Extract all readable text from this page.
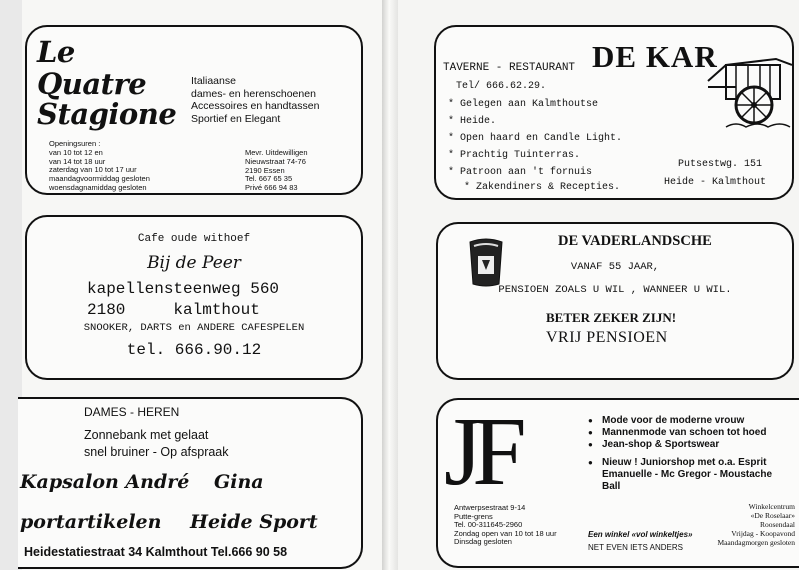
Le
Quatre
Stagione
Italiaanse
dames- en herenschoenen
Accessoires en handtassen
Sportief en Elegant
Openingsuren :
van 10 tot 12 en
van 14 tot 18 uur
zaterdag van 10 tot 17 uur
maandagvoormiddag gesloten
woensdagnamiddag gesloten
Mevr. Uitdewilligen
Nieuwstraat 74-76
2190 Essen
Tel. 667 65 35
Privé 666 94 83
Cafe oude withoef
Bij de Peer
kapellensteenweg 560
2180     kalmthout
SNOOKER, DARTS en ANDERE CAFESPELEN
tel. 666.90.12
DAMES - HEREN
Zonnebank met gelaat
snel bruiner - Op afspraak
Kapsalon André Gina
portartikelen Heide Sport
Heidestatiestraat 34 Kalmthout Tel.666 90 58
TAVERNE - RESTAURANT DE KAR
Tel/ 666.62.29.
* Gelegen aan Kalmthoutse
* Heide.
* Open haard en Candle Light.
* Prachtig Tuinterras.
* Patroon aan 't fornuis
* Zakendiners & Recepties.
Putsestwg. 151
Heide - Kalmthout
DE VADERLANDSCHE
VANAF 55 JAAR,
PENSIOEN ZOALS U WIL , WANNEER U WIL.
BETER ZEKER ZIJN!
VRIJ PENSIOEN
JF
●	Mode voor de moderne vrouw
● Mannenmode van schoen tot hoed
● Jean-shop & Sportswear
● Nieuw ! Juniorshop met o.a. Esprit
Emanuelle - Mc Gregor - Moustache
Ball
Antwerpsestraat 9-14
Putte-grens
Tel. 00-311645-2960
Zondag open van 10 tot 18 uur
Dinsdag gesloten
Een winkel «vol winkeltjes»
NET EVEN IETS ANDERS
Winkelcentrum
«De Roselaar»
Roosendaal
Vrijdag - Koopavond
Maandagmorgen gesloten
